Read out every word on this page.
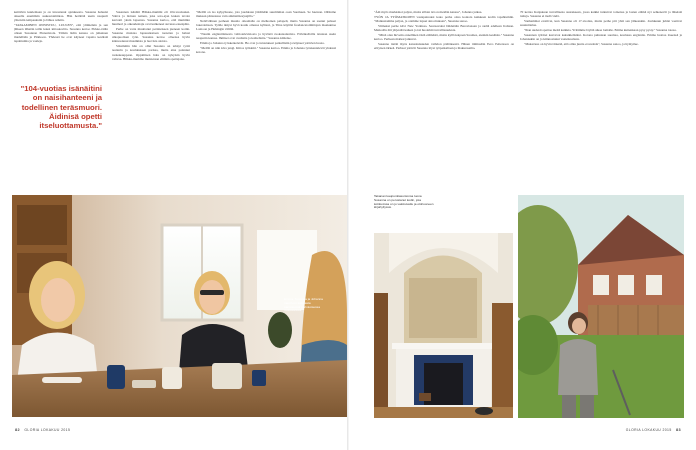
keittiöön kuulemaan ja on innostunut ajatuksesta. Susanna haluaisi alueelle enemmän asukastoimintaa. Hän herättää usein naapurit yhteisiin tempauksiin ja lähtee retkiin.

"TAPAAMINEN ONNISTUU, LUULEN", että ylimieluin ja sen jälkeen lähetän teille kaksi kiitoskorttia. Susanna kertoo Pirkko-tädin olleen Susannan Pinnaristola. Tämän äidin kanssa on jalkainen mielellään ja Pirkkoon. Yhdessä he ovat käyneet vapaita kesäisiä tapahtumia ja vaaleja.

"104-vuotias isänäitini on naisihanteeni ja todellinen teräsmuori. Äidinisä opetti itseluottamusta."

Susannan isänäiti Hilkka-mummi eli 104-vuotiaaksi. Vahva ja iloinen nainen, joka sota-ajan lesken tavoin kasvatti yksin lapsensa. Susanna kertoo, että mummin huumori ja oikeudentaju ovat kulkeneet suvussa eteenpäin.

Perhe on varta muuttanut perinteiseen pieneen kotiin. Susanna muistaa lapsuudestaan tuotetun ja halusi ulkopuolisen työn. Susanna kertoo olleensa hyvin kiinnostunut musiikista ja luovista aloista.

Sittemmin hän on ollut Susanna on tehnyt työtä teatterin ja koulutuksen parissa, mutta aina palannut ruokakauppaan. Oppimisen halu on nykyisin hyvin vahvaa. Hilkka-mummo muistetaan elämän opettajana.

"Meillä on iso kylpyhuone, jota joudutaan jättämään suurimman osan Suomeen. Se haetaan. Oltiinme mukaan pääasiassa vain ammattikorjaajilla."

Neliövälinen perheen muutto oikomalle on melkoinen palapeli, mutta Susanna on saanut palaset lokeroimaan. Työlle ikäysi hyvä koulu omassa kylässä, ja Tiina käyttää freelancetoimittajan maakuntaa Lontoon ja Helsingin välillä.

"Nautin englantilaisesta valtiotelevisiosta ja hyvästä ruokateatterista. Päiväkahvilla istutaan usein naapurin kanssa. Ihmiset ovat avuliaita ja kohteliaita." Susanna kiittelee.

Emma ja Johanna työskentelevät. He ovat jo tutustuneet paikallisiin ja käyneet ystävien luona.

"Meillä on niin kiva jengi. Kiitos työkkäri." Susanna kertoo. Emma ja Johanna työskentelevät yhdessä kotona.

Emma, Susanna ja Johanna nauttivat raikkaasta aamuteestä aurinkoisessa ruokasalissa.

"Äiti myös markkinoi paljon, mutta silloin isä on meidän kanssa", Johanna jatkaa.

TYÖN JA TYÖMATKOJEN vastapainoksi koko perhe ottaa kontoia kaikkeen kodin tapahtumiin. "Matkustamme paljon, ja otamme lapset aina mukaan", Susanna sanoo.

Viimeksi perhe kävi New Yorkissa. Seuraavaksi lähdetään Barcelonaan ja sieltä edelleen Italiaan. Matkoilla äiti järjestää kaiken ja isä huolehtii turvallisuudesta.

"Minä olen hirveän onnellinen tästä elämästä, mutta kyllä kaipaan Suomea, etenkin kesäisin." Susanna kertoo. Perheen matkat jatkuvat.

Susanna tietää myös kansalaisuuden vaihdon päätöksestä. Hänen tiimissään Eero Pettersson on erityisen tärkeä. Parhaat ystävät Susanna löysi työpaikaltaan ja iltakursseilta.

70 kertaa Kanjakaan turvallisena suurekseen, jossa kaikki tuntuivat toinensa ja lasten elämä nyt selkenevät ja läheisiä tuttuja. Susanna ei tiedä vielä.

Vanhemmat erottivat, kun Susanna oli 17-vuotias, mutta perhe piti yhtä sen jälkeenkin. Joulukuun juhlat vaativat suunnittelua.

"Ihan uudesti opettaa meitä kaikkia. Yritämme löytää aikaa lomalle. Emme kuitenkaan pysy pysty." Susanna toteaa.

Susannan tyttäret kasvavat kaksikielisiksi. Kotona puhutaan suomea, koulussa englantia. Emma luottaa itseensä ja Johannakin on jo kiinnostunut vaatetusalasta.

"Mukavuus on hyvin tärkeää, että omia juuria ei unohda", Susanna sanoo, ja hymyilee.

Takanan kaupunkiasuntonsa luona Susanna on perustanut kodin, jota kotikuvissa on jo valokuvattu ja olohuoneen kirjahyllyssä.
82 GLORIA LOKAKUU 2015	GLORIA LOKAKUU 2015 83
